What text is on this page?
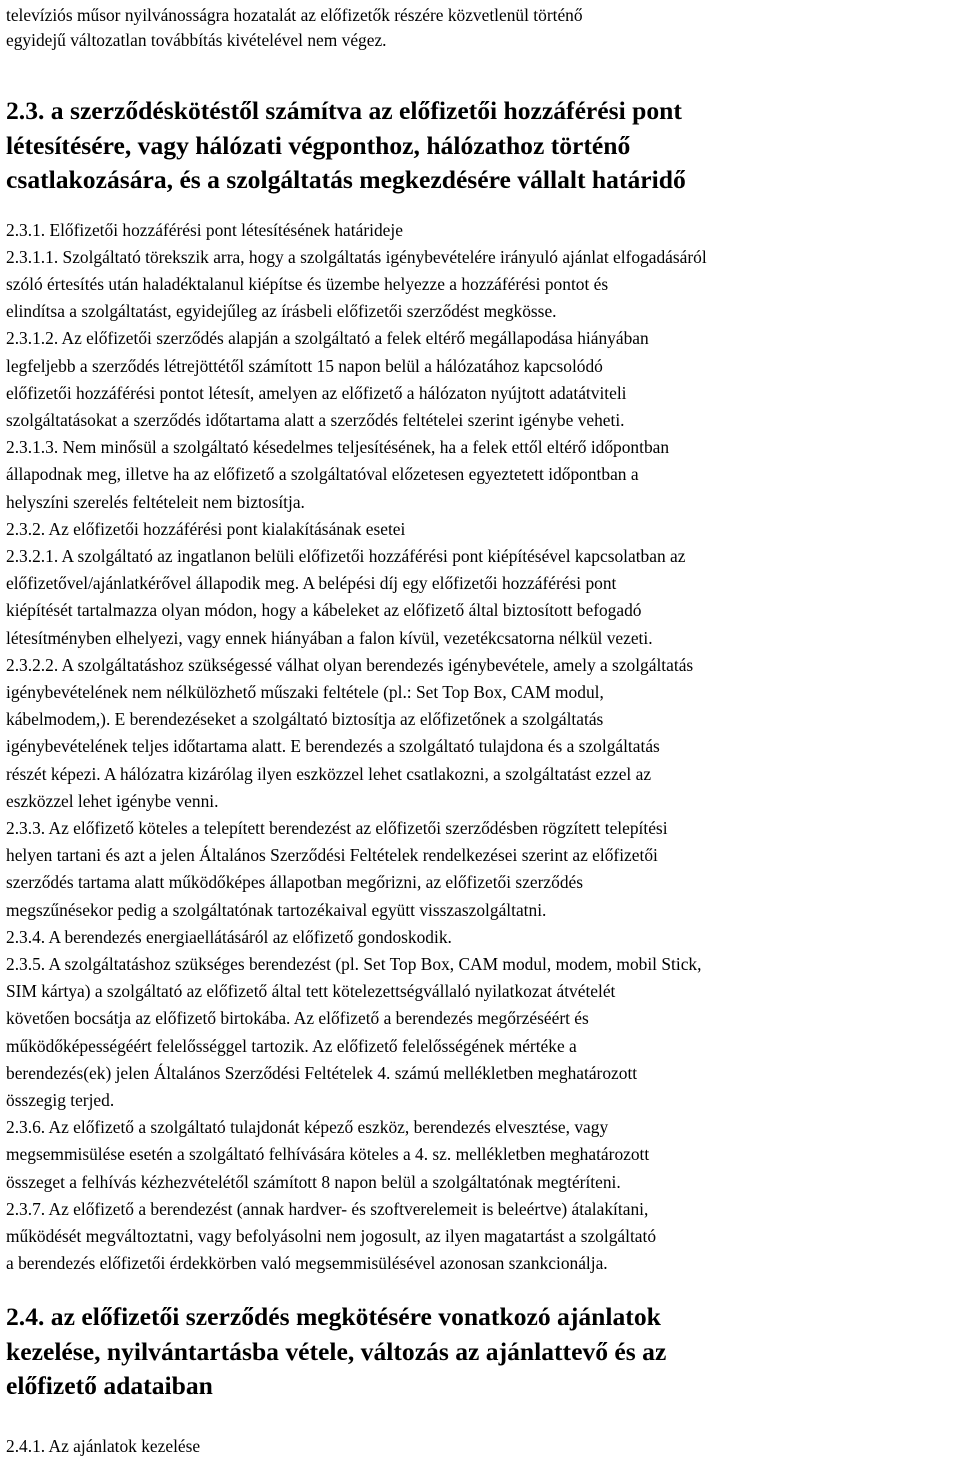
televíziós műsor nyilvánosságra hozatalát az előfizetők részére közvetlenül történő
egyidejű változatlan továbbítás kivételével nem végez.

2.3. a szerződéskötéstől számítva az előfizetői hozzáférési pont
létesítésére, vagy hálózati végponthoz, hálózathoz történő
csatlakozására, és a szolgáltatás megkezdésére vállalt határidő
2.3.1. Előfizetői hozzáférési pont létesítésének határideje
2.3.1.1. Szolgáltató törekszik arra, hogy a szolgáltatás igénybevételére irányuló ajánlat elfogadásáról
szóló értesítés után haladéktalanul kiépítse és üzembe helyezze a hozzáférési pontot és
elindítsa a szolgáltatást, egyidejűleg az írásbeli előfizetői szerződést megkösse.
2.3.1.2. Az előfizetői szerződés alapján a szolgáltató a felek eltérő megállapodása hiányában
legfeljebb a szerződés létrejöttétől számított 15 napon belül a hálózatához kapcsolódó
előfizetői hozzáférési pontot létesít, amelyen az előfizető a hálózaton nyújtott adatátviteli
szolgáltatásokat a szerződés időtartama alatt a szerződés feltételei szerint igénybe veheti.
2.3.1.3. Nem minősül a szolgáltató késedelmes teljesítésének, ha a felek ettől eltérő időpontban
állapodnak meg, illetve ha az előfizető a szolgáltatóval előzetesen egyeztetett időpontban a
helyszíni szerelés feltételeit nem biztosítja.
2.3.2. Az előfizetői hozzáférési pont kialakításának esetei
2.3.2.1. A szolgáltató az ingatlanon belüli előfizetői hozzáférési pont kiépítésével kapcsolatban az
előfizetővel/ajánlatkérővel állapodik meg. A belépési díj egy előfizetői hozzáférési pont
kiépítését tartalmazza olyan módon, hogy a kábeleket az előfizető által biztosított befogadó
létesítményben elhelyezi, vagy ennek hiányában a falon kívül, vezetékcsatorna nélkül vezeti.
2.3.2.2. A szolgáltatáshoz szükségessé válhat olyan berendezés igénybevétele, amely a szolgáltatás
igénybevételének nem nélkülözhető műszaki feltétele (pl.: Set Top Box, CAM modul,
kábelmodem,). E berendezéseket a szolgáltató biztosítja az előfizetőnek a szolgáltatás
igénybevételének teljes időtartama alatt. E berendezés a szolgáltató tulajdona és a szolgáltatás
részét képezi. A hálózatra kizárólag ilyen eszközzel lehet csatlakozni, a szolgáltatást ezzel az
eszközzel lehet igénybe venni.
2.3.3. Az előfizető köteles a telepített berendezést az előfizetői szerződésben rögzített telepítési
helyen tartani és azt a jelen Általános Szerződési Feltételek rendelkezései szerint az előfizetői
szerződés tartama alatt működőképes állapotban megőrizni, az előfizetői szerződés
megszűnésekor pedig a szolgáltatónak tartozékaival együtt visszaszolgáltatni.
2.3.4. A berendezés energiaellátásáról az előfizető gondoskodik.
2.3.5. A szolgáltatáshoz szükséges berendezést (pl. Set Top Box, CAM modul, modem, mobil Stick,
SIM kártya) a szolgáltató az előfizető által tett kötelezettségvállaló nyilatkozat átvételét
követően bocsátja az előfizető birtokába. Az előfizető a berendezés megőrzéséért és
működőképességéért felelősséggel tartozik. Az előfizető felelősségének mértéke a
berendezés(ek) jelen Általános Szerződési Feltételek 4. számú mellékletben meghatározott
összegig terjed.
2.3.6. Az előfizető a szolgáltató tulajdonát képező eszköz, berendezés elvesztése, vagy
megsemmisülése esetén a szolgáltató felhívására köteles a 4. sz. mellékletben meghatározott
összeget a felhívás kézhezvételétől számított 8 napon belül a szolgáltatónak megtéríteni.
2.3.7. Az előfizető a berendezést (annak hardver- és szoftverelemeit is beleértve) átalakítani,
működését megváltoztatni, vagy befolyásolni nem jogosult, az ilyen magatartást a szolgáltató
a berendezés előfizetői érdekkörben való megsemmisülésével azonosan szankcionálja.
2.4. az előfizetői szerződés megkötésére vonatkozó ajánlatok
kezelése, nyilvántartásba vétele, változás az ajánlattevő és az
előfizető adataiban

2.4.1. Az ajánlatok kezelése
